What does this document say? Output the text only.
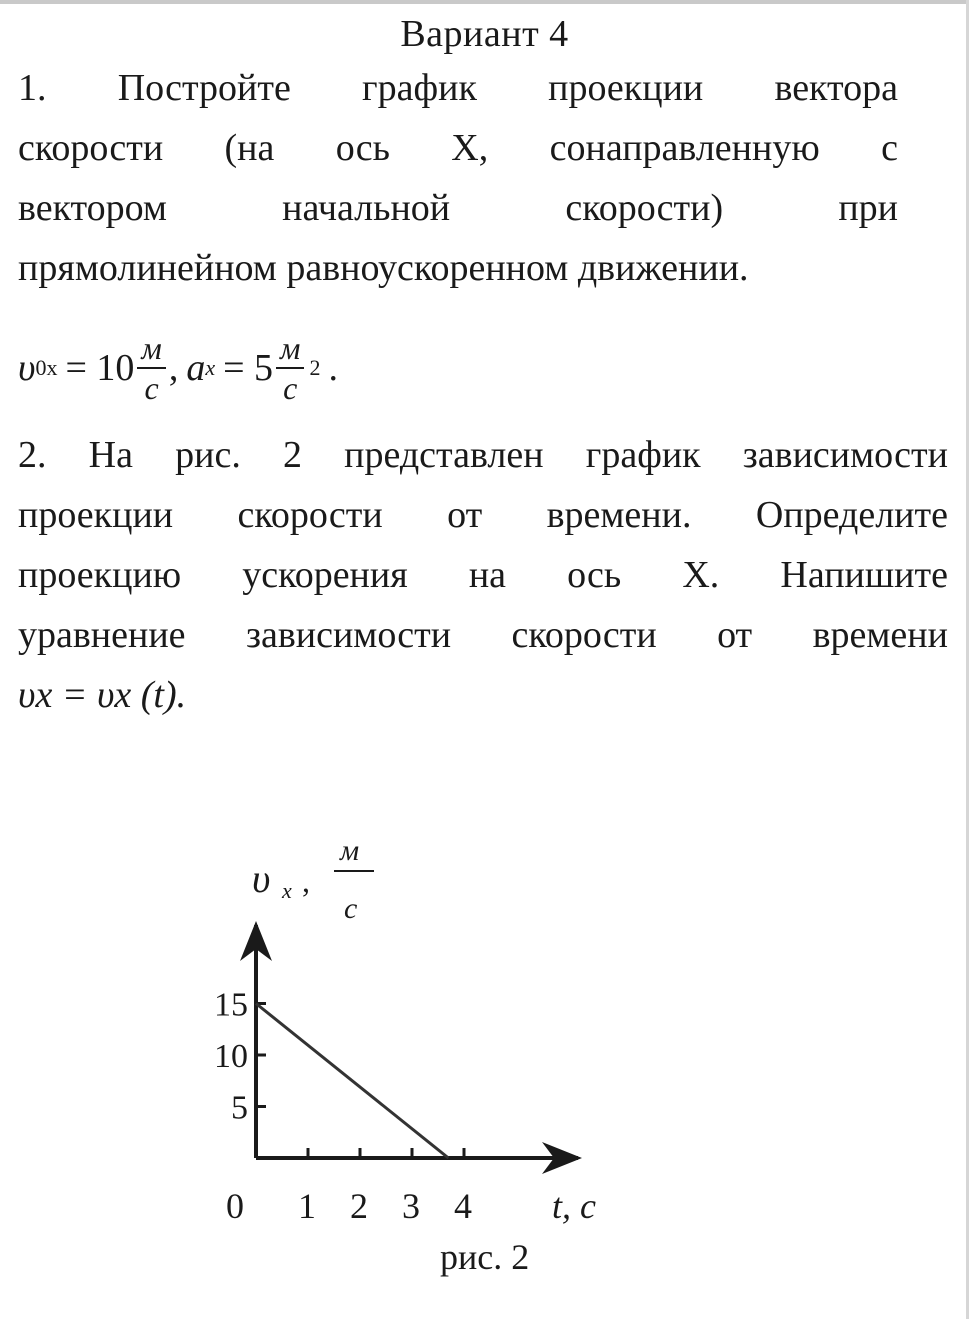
Вариант 4
1. Постройте график проекции вектора
скорости (на ось X, сонаправленную с
вектором	начальной	скорости)	при
прямолинейном равноускоренном движении.
υ $0x = 10 \frac{м}{с}$ , a $x = 5 \frac{м}{с} 2$ .
2. На рис. 2 представлен график зависимости
проекции скорости от времени. Определите
проекцию ускорения на ось X. Напишите
уравнение зависимости скорости от времени
υx = υx (t).
1 2 3 4
5
10
15
υ x ,
м
с
t, с
0
рис. 2
